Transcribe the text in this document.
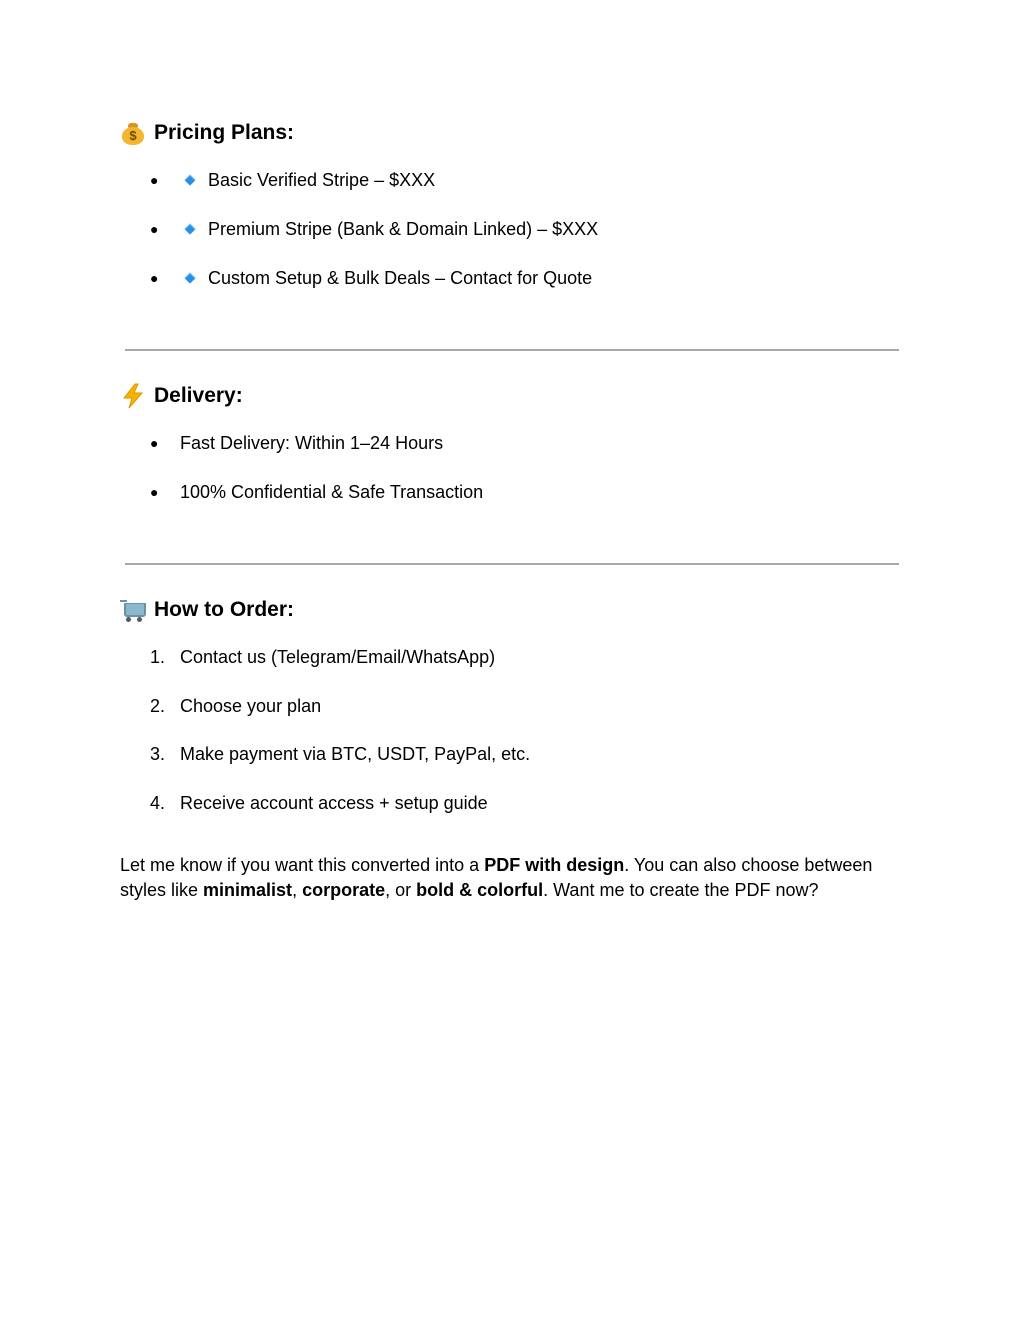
$ Pricing Plans:
●	Basic Verified Stripe – $XXX
●	Premium Stripe (Bank & Domain Linked) – $XXX
●	Custom Setup & Bulk Deals – Contact for Quote
Delivery:
●	Fast Delivery: Within 1–24 Hours
●	100% Confidential & Safe Transaction
How to Order:
1. Contact us (Telegram/Email/WhatsApp)
2. Choose your plan
3. Make payment via BTC, USDT, PayPal, etc.
4. Receive account access + setup guide

Let me know if you want this converted into a PDF with design. You can also choose between styles like minimalist, corporate, or bold & colorful. Want me to create the PDF now?
